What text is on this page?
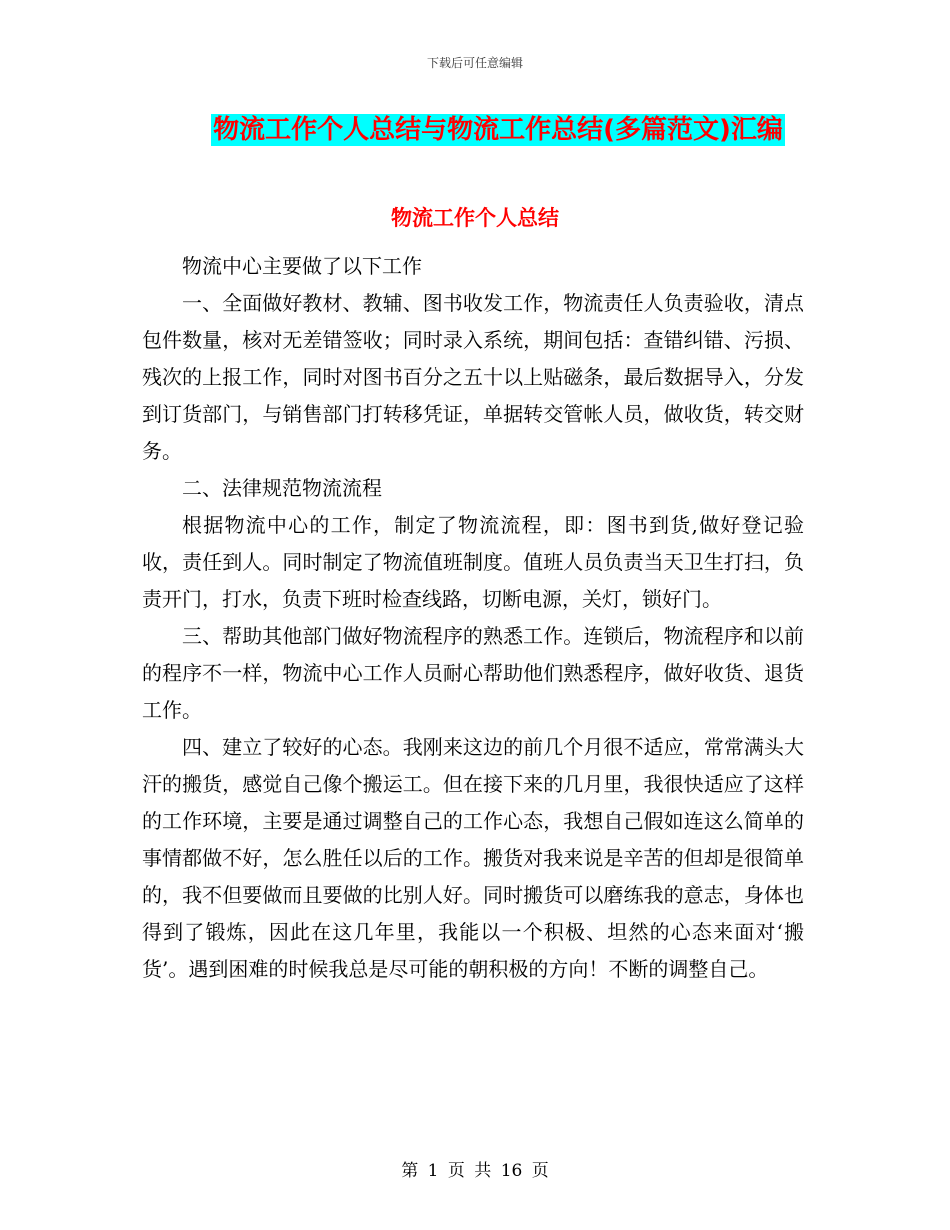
下载后可任意编辑
物流工作个人总结与物流工作总结(多篇范文)汇编
物流工作个人总结

物流中心主要做了以下工作

一、全面做好教材、教辅、图书收发工作，物流责任人负责验收，清点包件数量，核对无差错签收；同时录入系统，期间包括：查错纠错、污损、残次的上报工作，同时对图书百分之五十以上贴磁条，最后数据导入，分发到订货部门，与销售部门打转移凭证，单据转交管帐人员，做收货，转交财务。

二、法律规范物流流程

根据物流中心的工作，制定了物流流程，即：图书到货,做好登记验收，责任到人。同时制定了物流值班制度。值班人员负责当天卫生打扫，负责开门，打水，负责下班时检查线路，切断电源，关灯，锁好门。

三、帮助其他部门做好物流程序的熟悉工作。连锁后，物流程序和以前的程序不一样，物流中心工作人员耐心帮助他们熟悉程序，做好收货、退货工作。

四、建立了较好的心态。我刚来这边的前几个月很不适应，常常满头大汗的搬货，感觉自己像个搬运工。但在接下来的几月里，我很快适应了这样的工作环境，主要是通过调整自己的工作心态，我想自己假如连这么简单的事情都做不好，怎么胜任以后的工作。搬货对我来说是辛苦的但却是很简单的，我不但要做而且要做的比别人好。同时搬货可以磨练我的意志，身体也得到了锻炼，因此在这几年里，我能以一个积极、坦然的心态来面对‘搬货’。遇到困难的时候我总是尽可能的朝积极的方向！不断的调整自己。

第 1 页 共 16 页
